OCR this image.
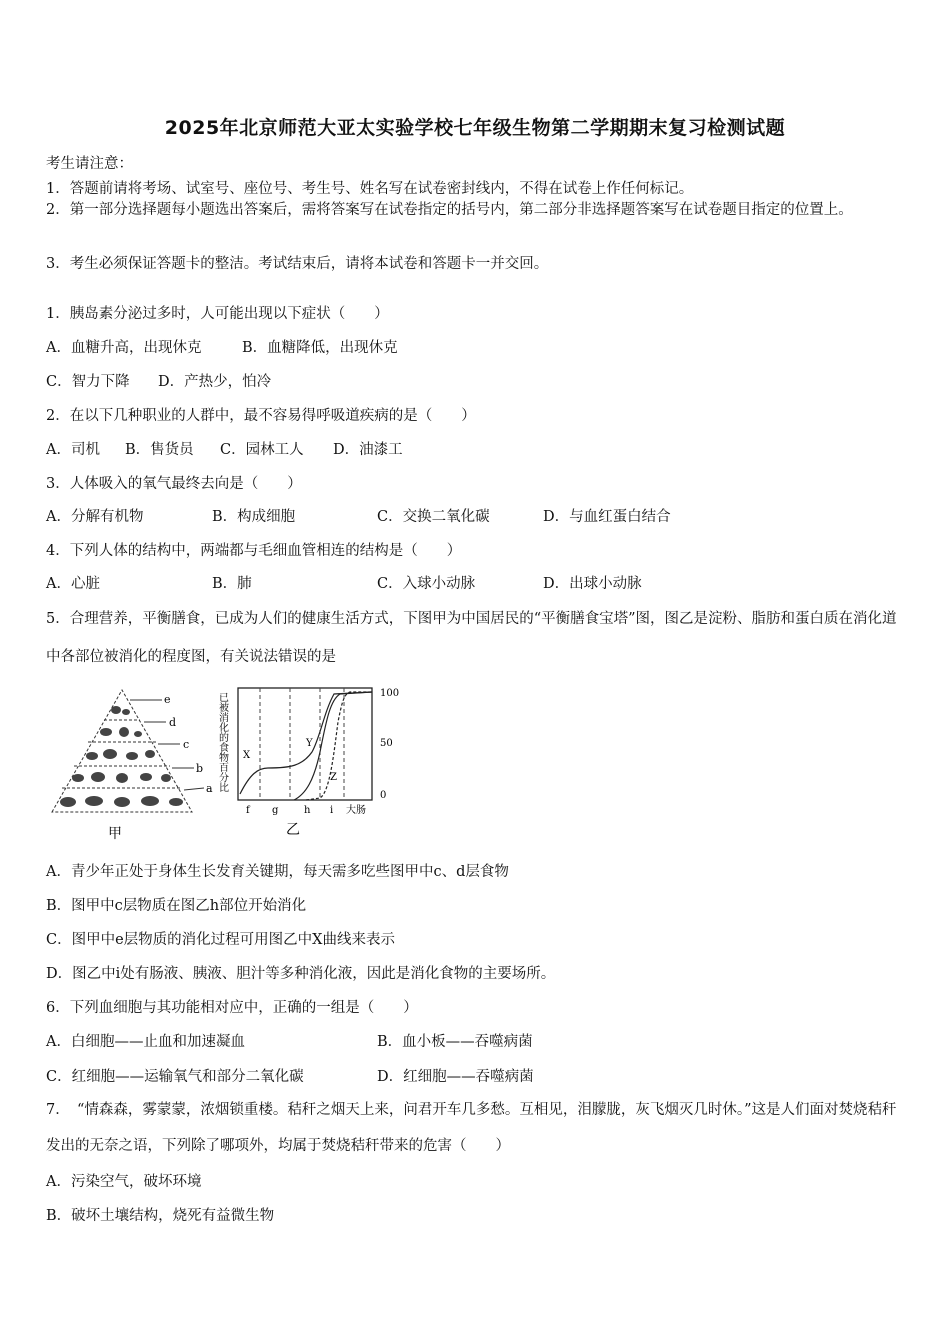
2025年北京师范大亚太实验学校七年级生物第二学期期末复习检测试题
考生请注意：
1．答题前请将考场、试室号、座位号、考生号、姓名写在试卷密封线内，不得在试卷上作任何标记。
2．第一部分选择题每小题选出答案后，需将答案写在试卷指定的括号内，第二部分非选择题答案写在试卷题目指定的位置上。
3．考生必须保证答题卡的整洁。考试结束后，请将本试卷和答题卡一并交回。
1．胰岛素分泌过多时，人可能出现以下症状（　　）
A．血糖升高，出现休克	B．血糖降低，出现休克
C．智力下降 D．产热少，怕冷
2．在以下几种职业的人群中，最不容易得呼吸道疾病的是（　　）
A．司机 B．售货员 C．园林工人 D．油漆工
3．人体吸入的氧气最终去向是（　　）
A．分解有机物	B．构成细胞	C．交换二氧化碳	D．与血红蛋白结合
4．下列人体的结构中，两端都与毛细血管相连的结构是（　　）
A．心脏	B．肺	C．入球小动脉	D．出球小动脉
5．合理营养，平衡膳食，已成为人们的健康生活方式，下图甲为中国居民的“平衡膳食宝塔”图，图乙是淀粉、脂肪和蛋白质在消化道中各部位被消化的程度图，有关说法错误的是
e
d
c
b
a
甲
已被消化的食物百分比 X
Y
Z
100
50
0
f g	h i 大肠
乙
A．青少年正处于身体生长发育关键期，每天需多吃些图甲中c、d层食物
B．图甲中c层物质在图乙h部位开始消化
C．图甲中e层物质的消化过程可用图乙中X曲线来表示
D．图乙中i处有肠液、胰液、胆汁等多种消化液，因此是消化食物的主要场所。
6．下列血细胞与其功能相对应中，正确的一组是（　　）
A．白细胞——止血和加速凝血	B．血小板——吞噬病菌
C．红细胞——运输氧气和部分二氧化碳	D．红细胞——吞噬病菌
7．　“情森森，雾蒙蒙，浓烟锁重楼。秸秆之烟天上来，问君开车几多愁。互相见，泪朦胧，灰飞烟灭几时休。”这是人们面对焚烧秸秆发出的无奈之语，下列除了哪项外，均属于焚烧秸秆带来的危害（　　）
A．污染空气，破坏环境
B．破坏土壤结构，烧死有益微生物
